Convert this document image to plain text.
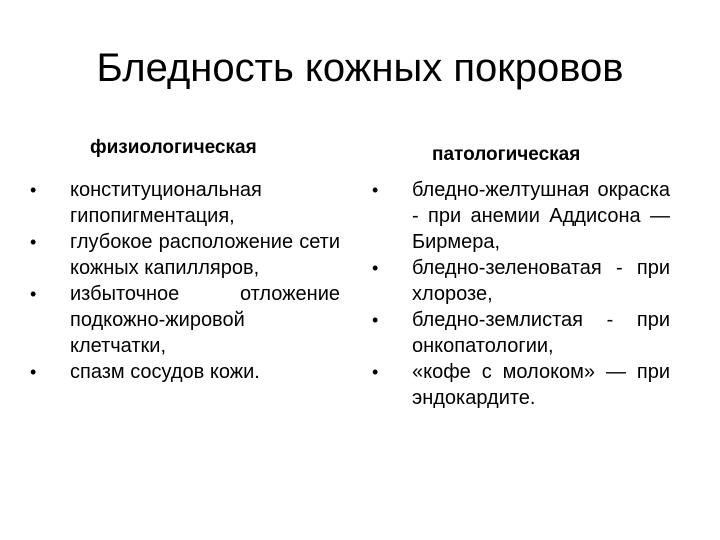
Бледность кожных покровов
физиологическая	патологическая
•	конституциональная гипопигментация,
•	глубокое расположение сети кожных капилляров,
•	избыточное отложение подкожно-жировой клетчатки,
•	спазм сосудов кожи.
•	бледно-желтушная окраска - при анемии Аддисона — Бирмера,
•	бледно-зеленоватая - при хлорозе,
•	бледно-землистая - при онкопатологии,
•	«кофе с молоком» — при эндокардите.
